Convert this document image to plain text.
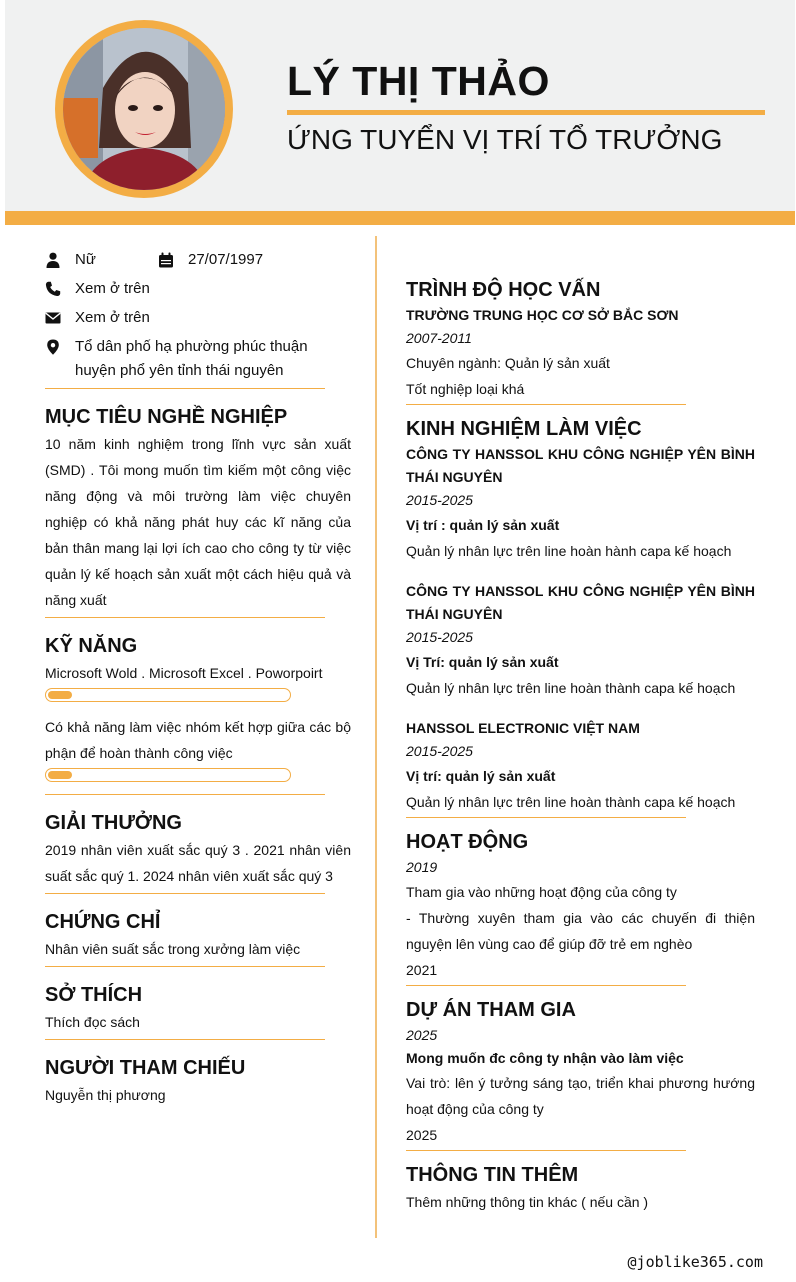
LÝ THỊ THẢO
ỨNG TUYỂN VỊ TRÍ TỔ TRƯỞNG
Nữ	27/07/1997
Xem ở trên
Xem ở trên
Tổ dân phố hạ phường phúc thuận huyện phổ yên tỉnh thái nguyên
MỤC TIÊU NGHỀ NGHIỆP

10 năm kinh nghiệm trong lĩnh vực sản xuất (SMD) . Tôi mong muốn tìm kiếm một công việc năng động và môi trường làm việc chuyên nghiệp có khả năng phát huy các kĩ năng của bản thân mang lại lợi ích cao cho công ty từ việc quản lý kế hoạch sản xuất một cách hiệu quả và năng xuất

KỸ NĂNG

Microsoft Wold . Microsoft Excel . Poworpoirt

Có khả năng làm việc nhóm kết hợp giữa các bộ phận để hoàn thành công việc

GIẢI THƯỞNG

2019 nhân viên xuất sắc quý 3 . 2021 nhân viên suất sắc quý 1. 2024 nhân viên xuất sắc quý 3

CHỨNG CHỈ

Nhân viên suất sắc trong xưởng làm việc

SỞ THÍCH

Thích đọc sách

NGƯỜI THAM CHIẾU

Nguyễn thị phương

TRÌNH ĐỘ HỌC VẤN

TRƯỜNG TRUNG HỌC CƠ SỞ BẮC SƠN

2007-2011

Chuyên ngành: Quản lý sản xuất

Tốt nghiệp loại khá

KINH NGHIỆM LÀM VIỆC

CÔNG TY HANSSOL KHU CÔNG NGHIỆP YÊN BÌNH THÁI NGUYÊN

2015-2025

Vị trí : quản lý sản xuất

Quản lý nhân lực trên line hoàn hành capa kế hoạch

CÔNG TY HANSSOL KHU CÔNG NGHIỆP YÊN BÌNH THÁI NGUYÊN

2015-2025

Vị Trí: quản lý sản xuất

Quản lý nhân lực trên line hoàn thành capa kế hoạch

HANSSOL ELECTRONIC VIỆT NAM

2015-2025

Vị trí: quản lý sản xuất

Quản lý nhân lực trên line hoàn thành capa kế hoạch

HOẠT ĐỘNG

2019

Tham gia vào những hoạt động của công ty

- Thường xuyên tham gia vào các chuyến đi thiện nguyện lên vùng cao để giúp đỡ trẻ em nghèo

2021

DỰ ÁN THAM GIA

2025

Mong muốn đc công ty nhận vào làm việc

Vai trò: lên ý tưởng sáng tạo, triển khai phương hướng hoạt động của công ty

2025

THÔNG TIN THÊM

Thêm những thông tin khác ( nếu cần )

@joblike365.com
